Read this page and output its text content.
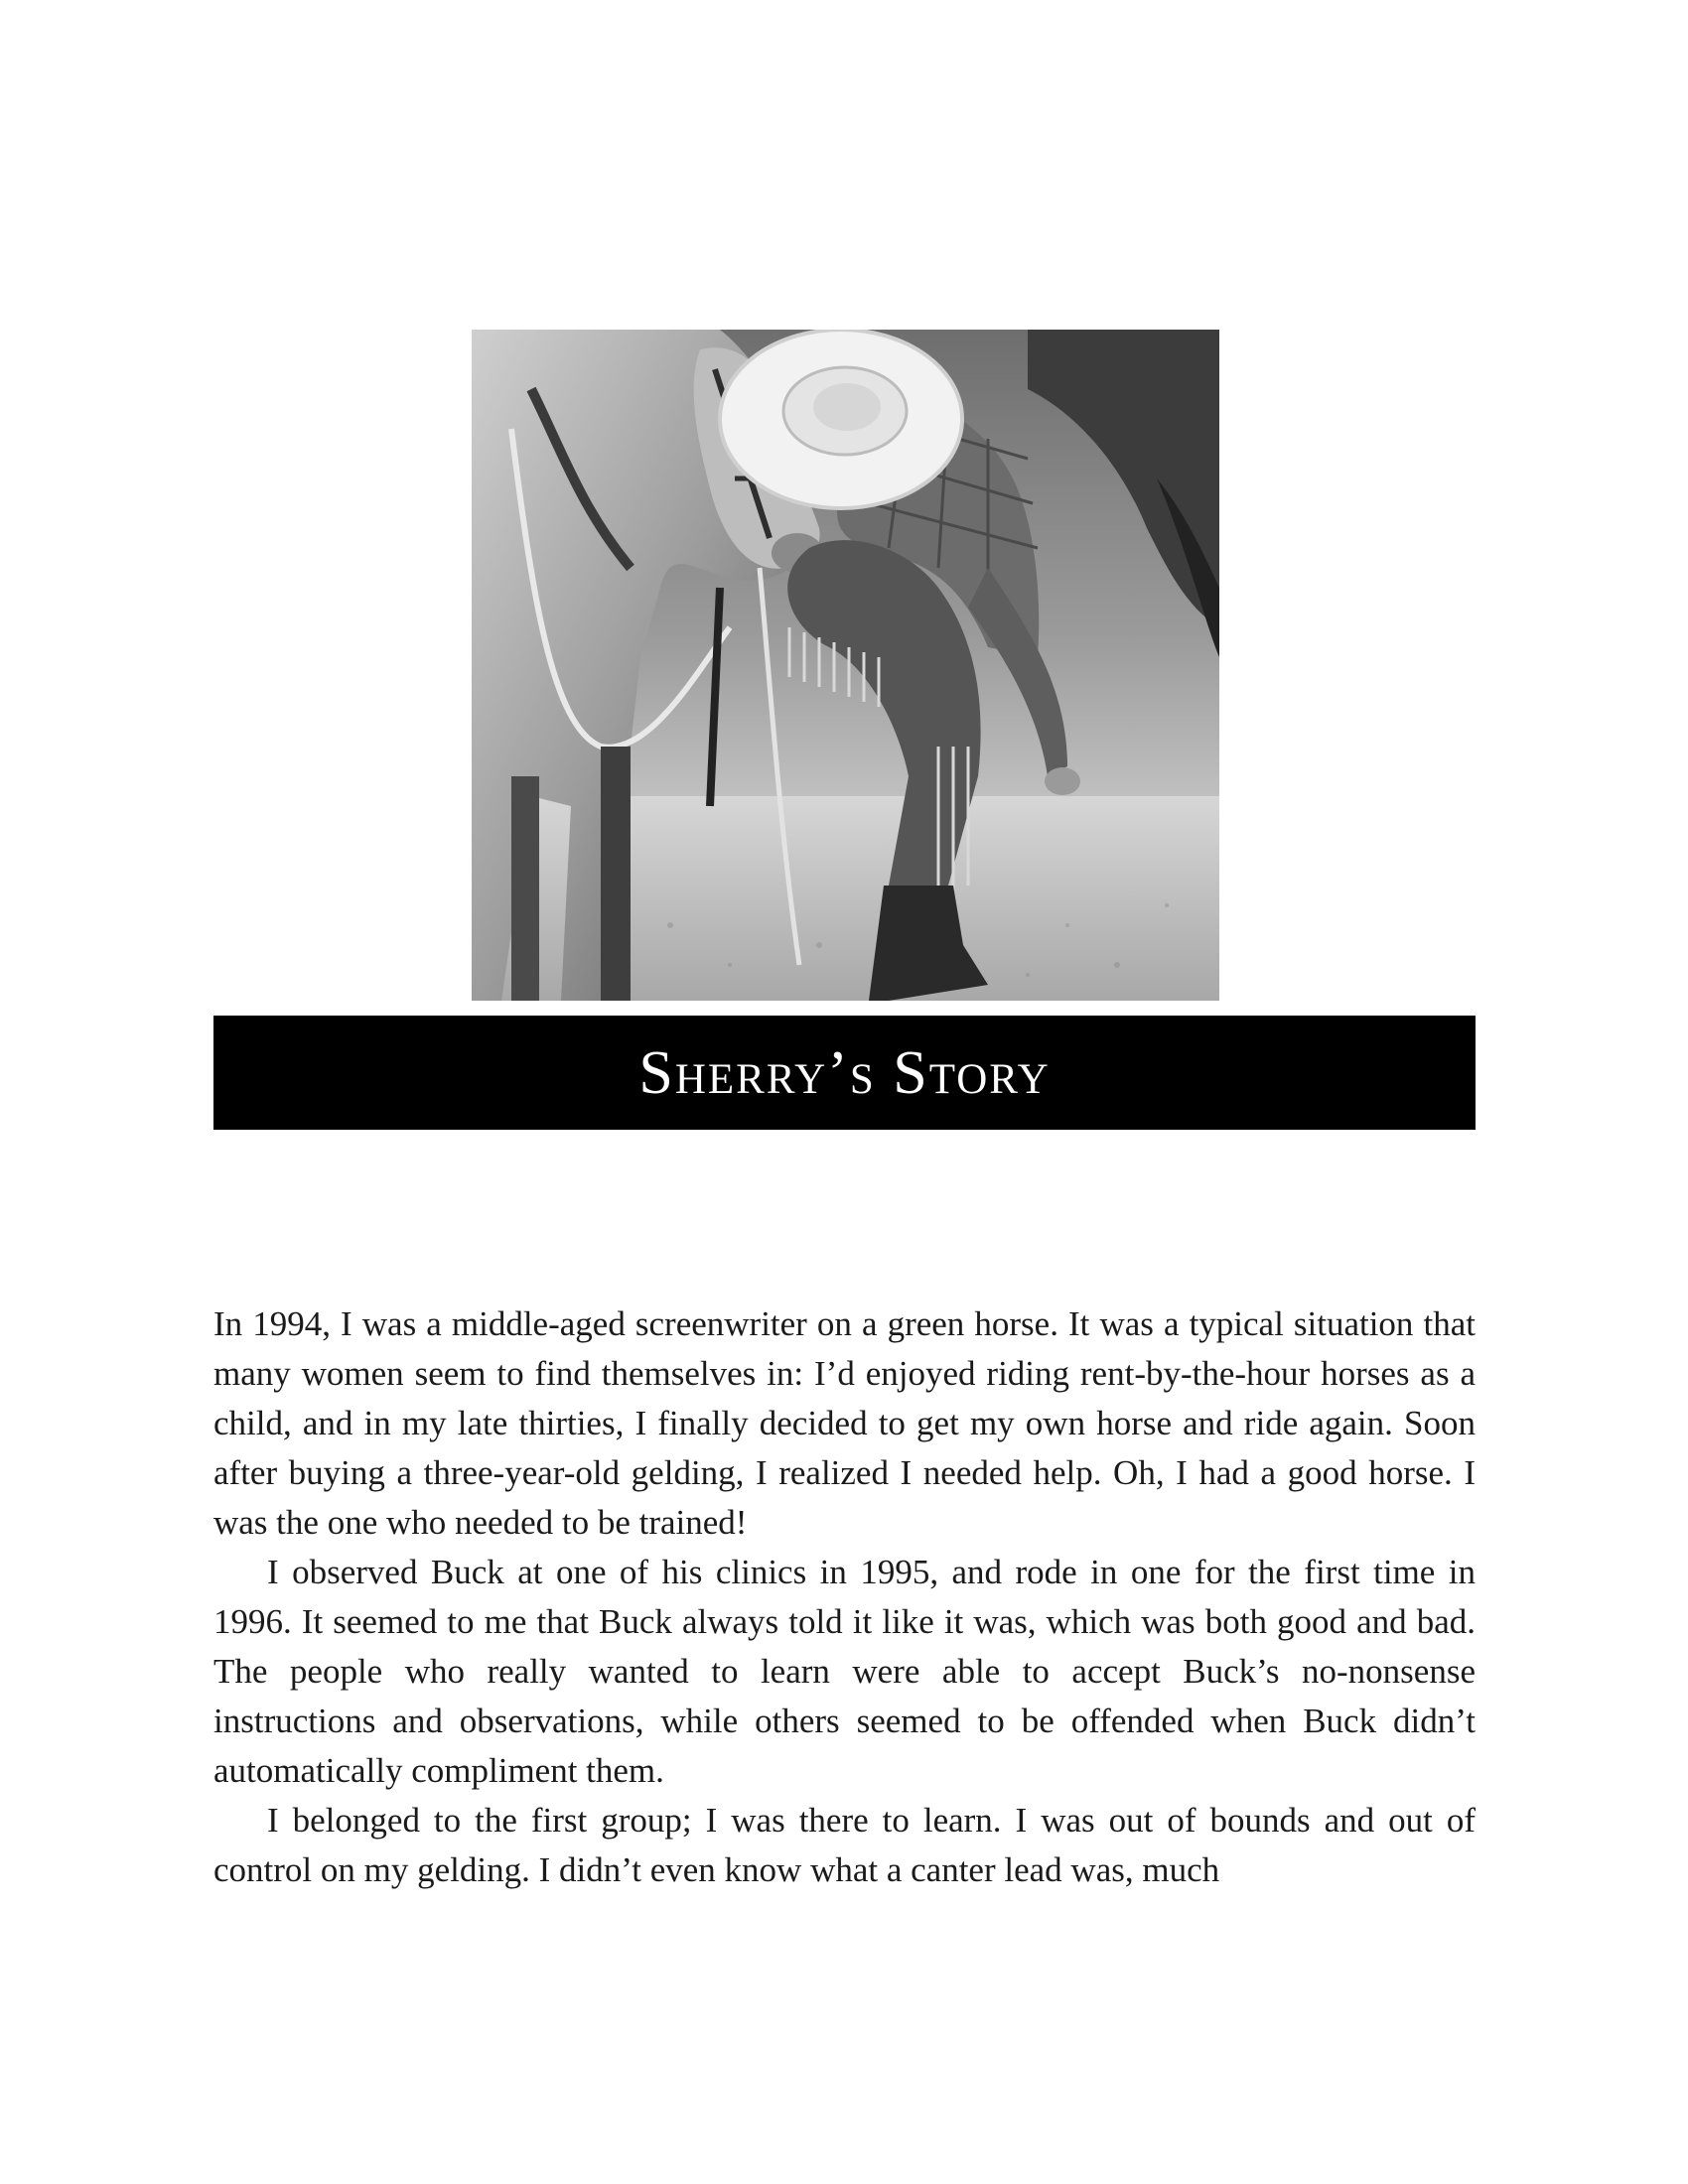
Sherry’s Story

In 1994, I was a middle-aged screenwriter on a green horse. It was a typical situation that many women seem to find themselves in: I’d enjoyed riding rent-by-the-hour horses as a child, and in my late thirties, I finally decided to get my own horse and ride again. Soon after buying a three-year-old gelding, I realized I needed help. Oh, I had a good horse. I was the one who needed to be trained!

I observed Buck at one of his clinics in 1995, and rode in one for the first time in 1996. It seemed to me that Buck always told it like it was, which was both good and bad. The people who really wanted to learn were able to accept Buck’s no-nonsense instructions and observations, while others seemed to be offended when Buck didn’t automatically compliment them.

I belonged to the first group; I was there to learn. I was out of bounds and out of control on my gelding. I didn’t even know what a canter lead was, much
